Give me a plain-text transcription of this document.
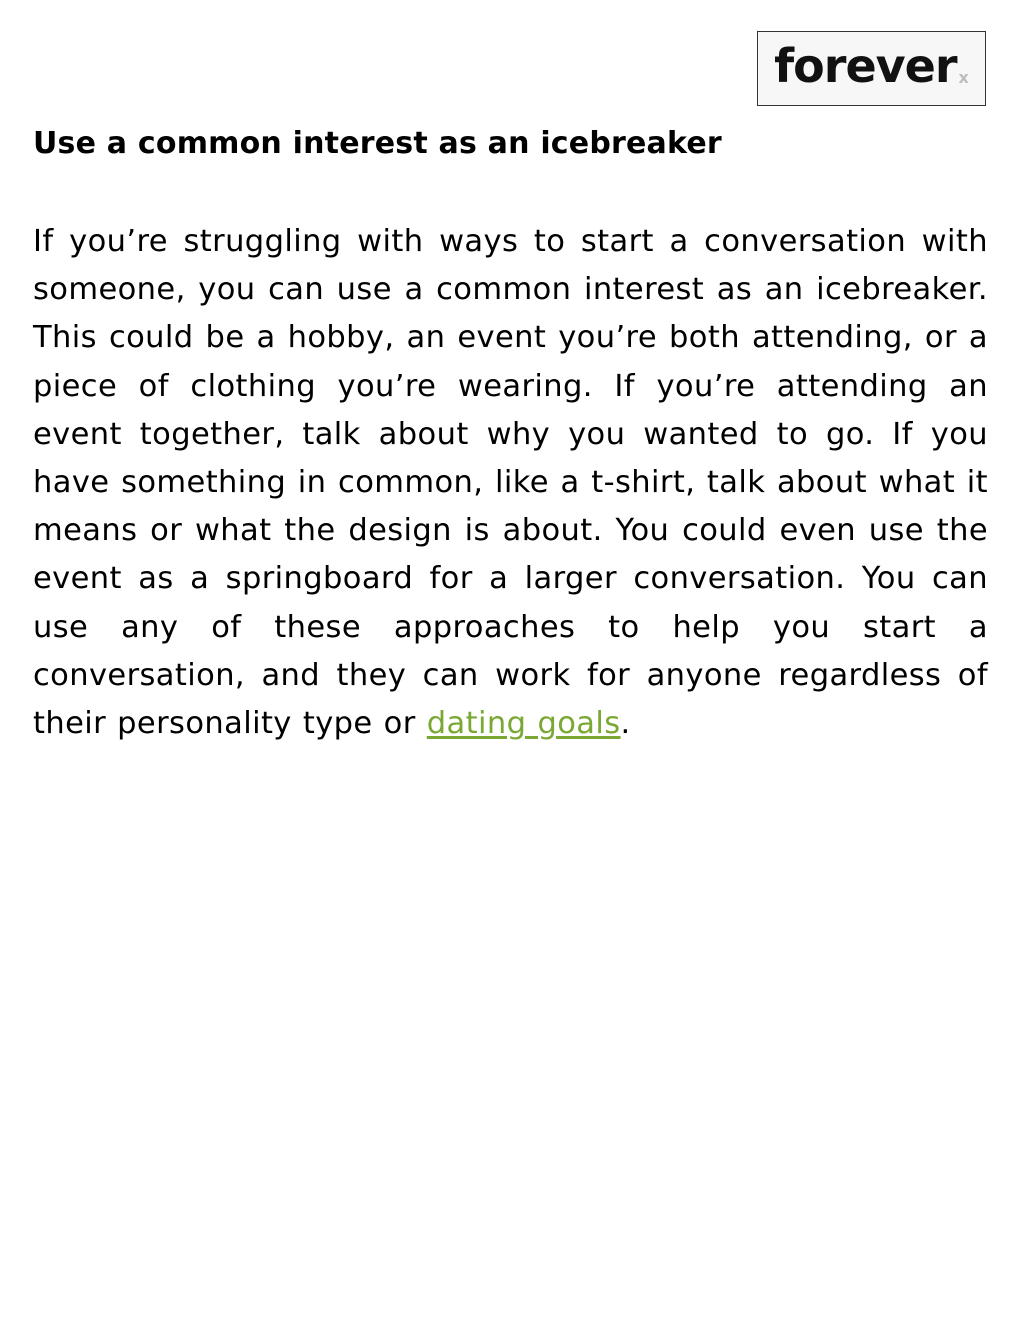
forever x
Use a common interest as an icebreaker

If you’re struggling with ways to start a conversation with someone, you can use a common interest as an icebreaker. This could be a hobby, an event you’re both attending, or a piece of clothing you’re wearing. If you’re attending an event together, talk about why you wanted to go. If you have something in common, like a t-shirt, talk about what it means or what the design is about. You could even use the event as a springboard for a larger conversation. You can use any of these approaches to help you start a conversation, and they can work for anyone regardless of their personality type or dating goals.
